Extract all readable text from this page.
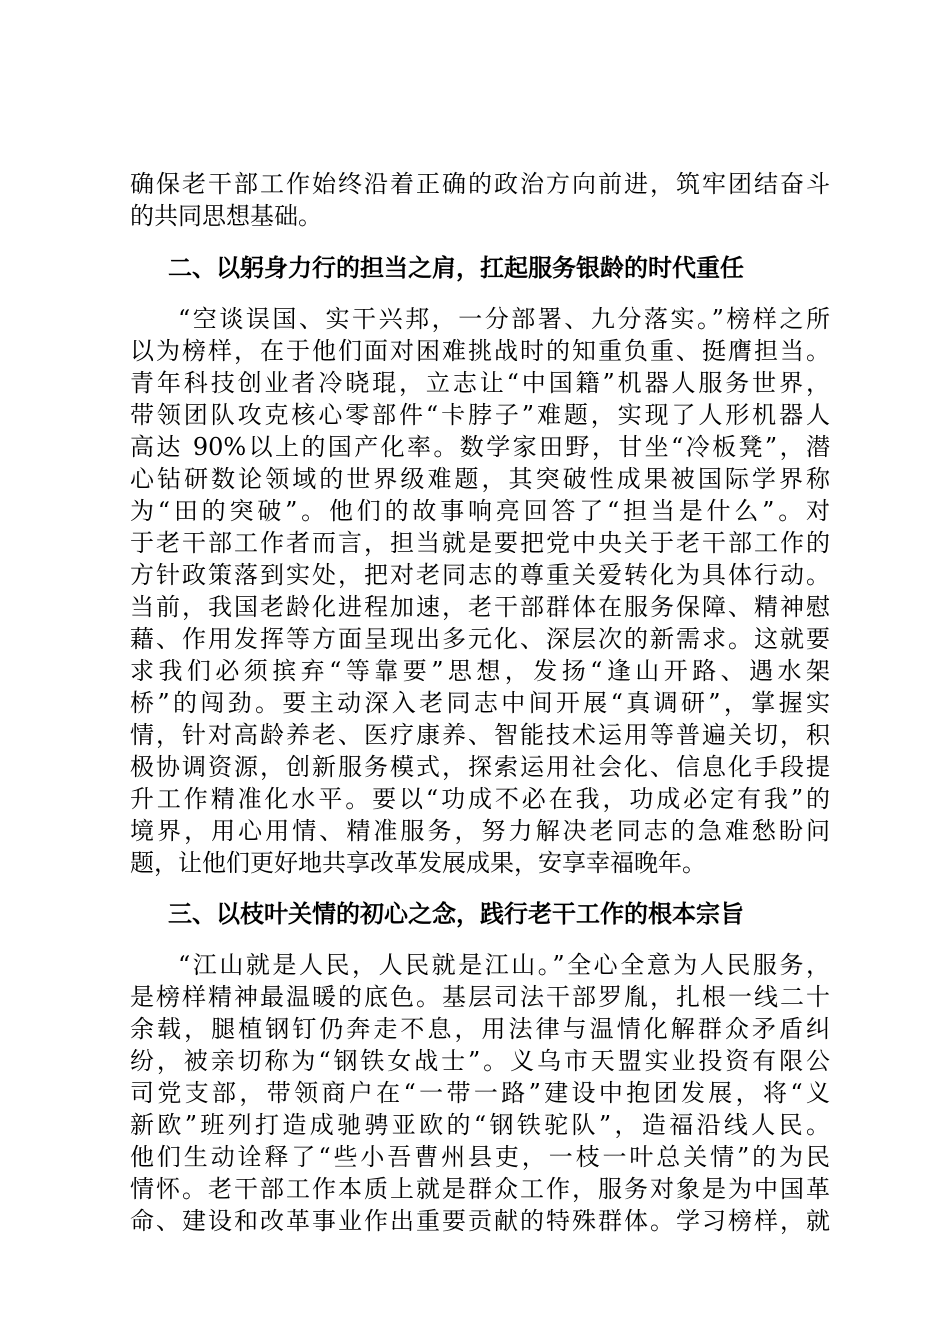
确保老干部工作始终沿着正确的政治方向前进，筑牢团结奋斗
的共同思想基础。
二、以躬身力行的担当之肩，扛起服务银龄的时代重任
“空谈误国、实干兴邦，一分部署、九分落实。”榜样之所
以为榜样，在于他们面对困难挑战时的知重负重、挺膺担当。
青年科技创业者冷晓琨，立志让“中国籍”机器人服务世界，
带领团队攻克核心零部件“卡脖子”难题，实现了人形机器人
高达 90%以上的国产化率。数学家田野，甘坐“冷板凳”，潜
心钻研数论领域的世界级难题，其突破性成果被国际学界称
为“田的突破”。他们的故事响亮回答了“担当是什么”。对
于老干部工作者而言，担当就是要把党中央关于老干部工作的
方针政策落到实处，把对老同志的尊重关爱转化为具体行动。
当前，我国老龄化进程加速，老干部群体在服务保障、精神慰
藉、作用发挥等方面呈现出多元化、深层次的新需求。这就要
求我们必须摈弃“等靠要”思想，发扬“逢山开路、遇水架
桥”的闯劲。要主动深入老同志中间开展“真调研”，掌握实
情，针对高龄养老、医疗康养、智能技术运用等普遍关切，积
极协调资源，创新服务模式，探索运用社会化、信息化手段提
升工作精准化水平。要以“功成不必在我，功成必定有我”的
境界，用心用情、精准服务，努力解决老同志的急难愁盼问
题，让他们更好地共享改革发展成果，安享幸福晚年。
三、以枝叶关情的初心之念，践行老干工作的根本宗旨
“江山就是人民，人民就是江山。”全心全意为人民服务，
是榜样精神最温暖的底色。基层司法干部罗胤，扎根一线二十
余载，腿植钢钉仍奔走不息，用法律与温情化解群众矛盾纠
纷，被亲切称为“钢铁女战士”。义乌市天盟实业投资有限公
司党支部，带领商户在“一带一路”建设中抱团发展，将“义
新欧”班列打造成驰骋亚欧的“钢铁驼队”，造福沿线人民。
他们生动诠释了“些小吾曹州县吏，一枝一叶总关情”的为民
情怀。老干部工作本质上就是群众工作，服务对象是为中国革
命、建设和改革事业作出重要贡献的特殊群体。学习榜样，就
